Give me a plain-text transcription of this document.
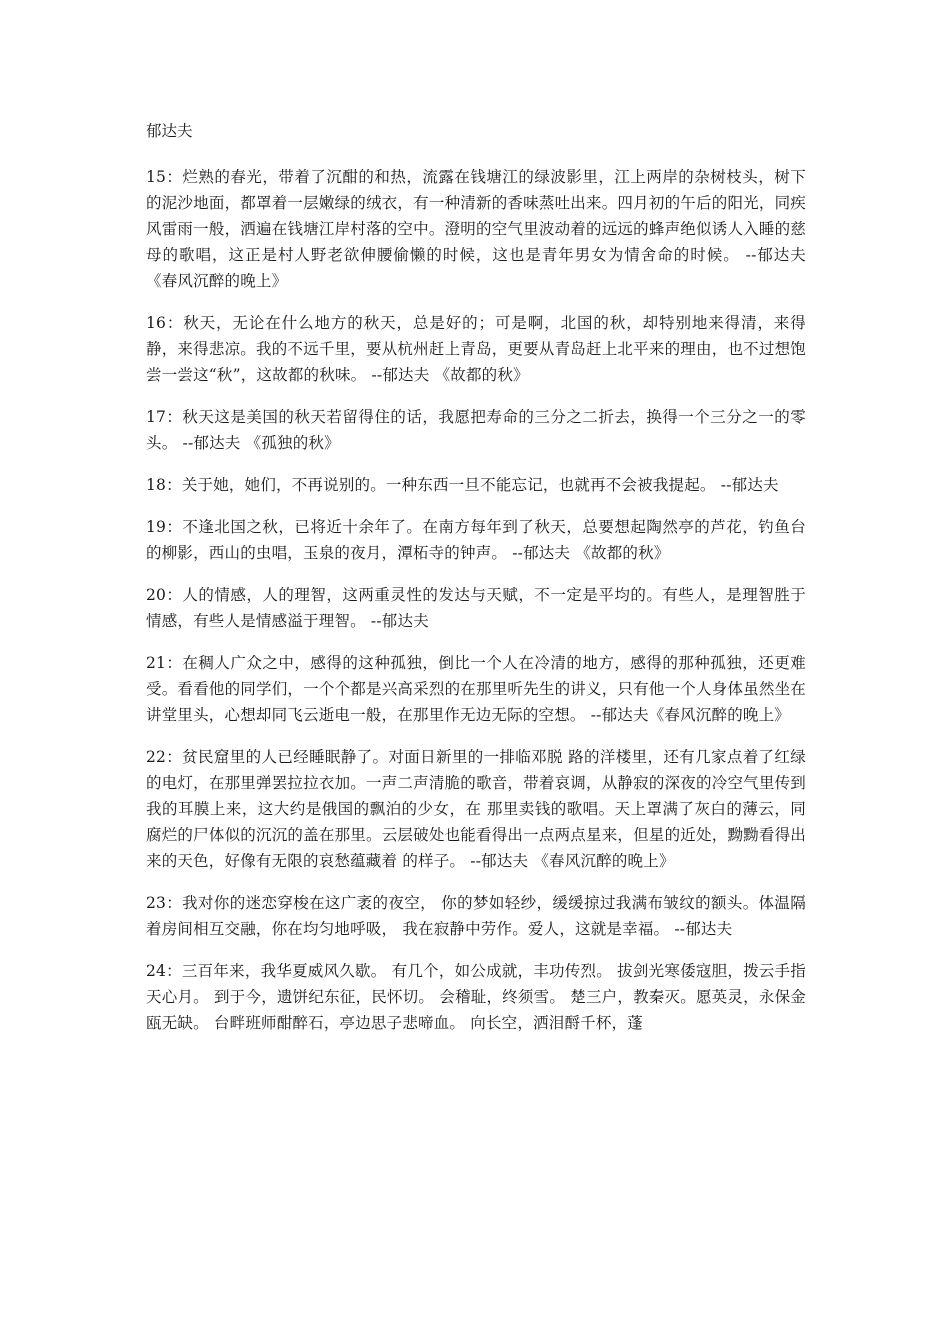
郁达夫

15：烂熟的春光，带着了沉酣的和热，流露在钱塘江的绿波影里，江上两岸的杂树枝头，树下的泥沙地面，都罩着一层嫩绿的绒衣，有一种清新的香味蒸吐出来。四月初的午后的阳光，同疾风雷雨一般，洒遍在钱塘江岸村落的空中。澄明的空气里波动着的远远的蜂声绝似诱人入睡的慈母的歌唱，这正是村人野老欲伸腰偷懒的时候，这也是青年男女为情舍命的时候。 --郁达夫 《春风沉醉的晚上》

16：秋天，无论在什么地方的秋天，总是好的；可是啊，北国的秋，却特别地来得清，来得静，来得悲凉。我的不远千里，要从杭州赶上青岛，更要从青岛赶上北平来的理由，也不过想饱尝一尝这“秋”，这故都的秋味。 --郁达夫 《故都的秋》

17：秋天这是美国的秋天若留得住的话，我愿把寿命的三分之二折去，换得一个三分之一的零头。 --郁达夫 《孤独的秋》

18：关于她，她们，不再说别的。一种东西一旦不能忘记，也就再不会被我提起。 --郁达夫

19：不逢北国之秋，已将近十余年了。在南方每年到了秋天，总要想起陶然亭的芦花，钓鱼台的柳影，西山的虫唱，玉泉的夜月，潭柘寺的钟声。 --郁达夫 《故都的秋》

20：人的情感，人的理智，这两重灵性的发达与天赋，不一定是平均的。有些人，是理智胜于情感，有些人是情感溢于理智。 --郁达夫

21：在稠人广众之中，感得的这种孤独，倒比一个人在冷清的地方，感得的那种孤独，还更难受。看看他的同学们，一个个都是兴高采烈的在那里听先生的讲义，只有他一个人身体虽然坐在讲堂里头，心想却同飞云逝电一般，在那里作无边无际的空想。 --郁达夫《春风沉醉的晚上》

22：贫民窟里的人已经睡眠静了。对面日新里的一排临邓脱 路的洋楼里，还有几家点着了红绿的电灯，在那里弹罢拉拉衣加。一声二声清脆的歌音，带着哀调，从静寂的深夜的冷空气里传到我的耳膜上来，这大约是俄国的飘泊的少女，在 那里卖钱的歌唱。天上罩满了灰白的薄云，同腐烂的尸体似的沉沉的盖在那里。云层破处也能看得出一点两点星来，但星的近处，黝黝看得出来的天色，好像有无限的哀愁蕴藏着 的样子。 --郁达夫 《春风沉醉的晚上》

23：我对你的迷恋穿梭在这广袤的夜空， 你的梦如轻纱，缓缓掠过我满布皱纹的额头。体温隔着房间相互交融，你在均匀地呼吸， 我在寂静中劳作。爱人，这就是幸福。 --郁达夫

24：三百年来，我华夏威风久歇。 有几个，如公成就，丰功传烈。 拔剑光寒倭寇胆，拨云手指天心月。 到于今，遗饼纪东征，民怀切。 会稽耻，终须雪。 楚三户，教秦灭。愿英灵，永保金瓯无缺。 台畔班师酣醉石，亭边思子悲啼血。 向长空，洒泪酹千杯，蓬
